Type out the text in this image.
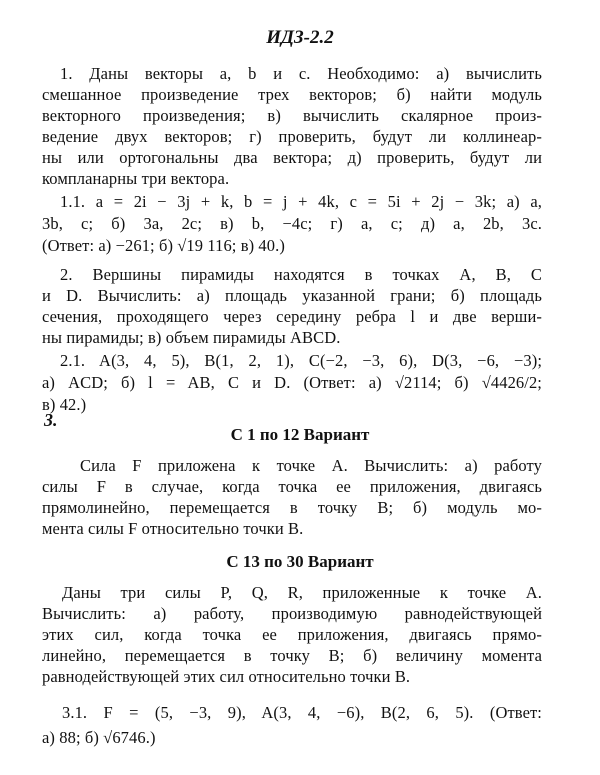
ИДЗ-2.2
1. Даны векторы a, b и c. Необходимо: а) вычислить
смешанное произведение трех векторов; б) найти модуль
векторного произведения; в) вычислить скалярное произ-
ведение двух векторов; г) проверить, будут ли коллинеар-
ны или ортогональны два вектора; д) проверить, будут ли
компланарны три вектора.
1.1. a = 2i − 3j + k, b = j + 4k, c = 5i + 2j − 3k; а) a,
3b, c; б) 3a, 2c; в) b, −4c; г) a, c; д) a, 2b, 3c.
(Ответ: а) −261; б) √19 116; в) 40.)
2. Вершины пирамиды находятся в точках A, B, C
и D. Вычислить: а) площадь указанной грани; б) площадь
сечения, проходящего через середину ребра l и две верши-
ны пирамиды; в) объем пирамиды ABCD.
2.1. A(3, 4, 5), B(1, 2, 1), C(−2, −3, 6), D(3, −6, −3);
а) ACD; б) l = AB, C и D. (Ответ: а) √2114; б) √4426/2;
в) 42.)
3.
С 1 по 12 Вариант
Сила F приложена к точке A. Вычислить: а) работу
силы F в случае, когда точка ее приложения, двигаясь
прямолинейно, перемещается в точку B; б) модуль мо-
мента силы F относительно точки B.
С 13 по 30 Вариант
Даны три силы P, Q, R, приложенные к точке A.
Вычислить: а) работу, производимую равнодействующей
этих сил, когда точка ее приложения, двигаясь прямо-
линейно, перемещается в точку B; б) величину момента
равнодействующей этих сил относительно точки B.
3.1. F = (5, −3, 9), A(3, 4, −6), B(2, 6, 5). (Ответ:
а) 88; б) √6746.)
